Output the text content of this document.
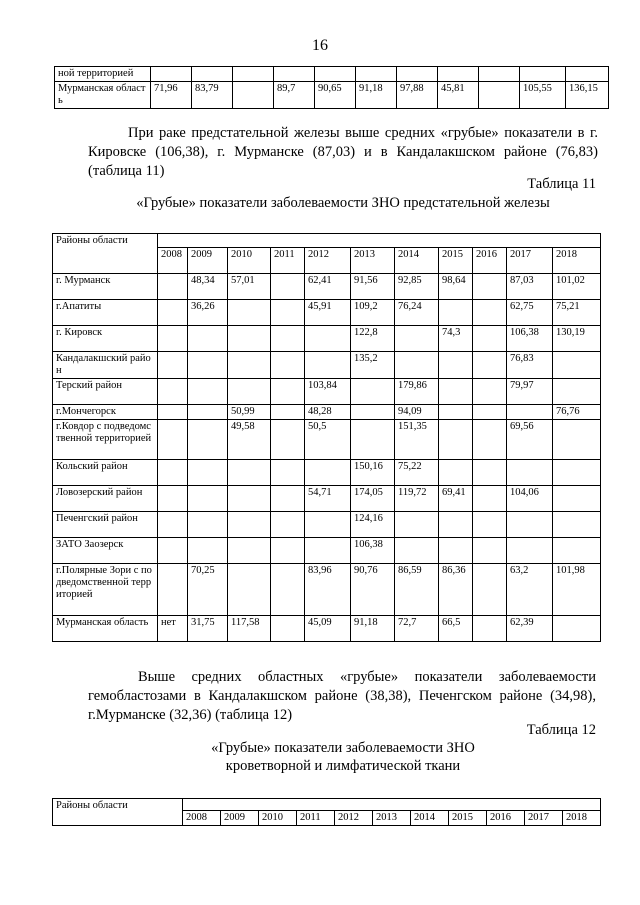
16
ной территорией											
Мурманская область	71,96	83,79		89,7	90,65	91,18	97,88	45,81		105,55	136,15
При раке предстательной железы выше средних «грубые» показатели в г. Кировске (106,38), г. Мурманске (87,03) и в Кандалакшском районе (76,83) (таблица 11)
Таблица 11
«Грубые» показатели заболеваемости ЗНО предстательной железы
Районы области											
	2008	2009	2010	2011	2012	2013	2014	2015	2016	2017	2018
г. Мурманск		48,34	57,01		62,41	91,56	92,85	98,64		87,03	101,02
г.Апатиты		36,26			45,91	109,2	76,24			62,75	75,21
г. Кировск						122,8		74,3		106,38	130,19
Кандалакшский район						135,2				76,83	
Терский район					103,84		179,86			79,97	
г.Мончегорск			50,99		48,28		94,09				76,76
г.Ковдор с подведомственной территорией			49,58		50,5		151,35			69,56	
Кольский район						150,16	75,22				
Ловозерский район					54,71	174,05	119,72	69,41		104,06	
Печенгский район						124,16					
ЗАТО Заозерск						106,38					
г.Полярные Зори с подведомственной территорией		70,25			83,96	90,76	86,59	86,36		63,2	101,98
Мурманская область	нет	31,75	117,58		45,09	91,18	72,7	66,5		62,39	
Выше средних областных «грубые» показатели заболеваемости гемобластозами в Кандалакшском районе (38,38), Печенгском районе (34,98), г.Мурманске (32,36) (таблица 12)
Таблица 12
«Грубые» показатели заболеваемости ЗНО
кроветворной и лимфатической ткани
Районы области											
	2008	2009	2010	2011	2012	2013	2014	2015	2016	2017	2018
